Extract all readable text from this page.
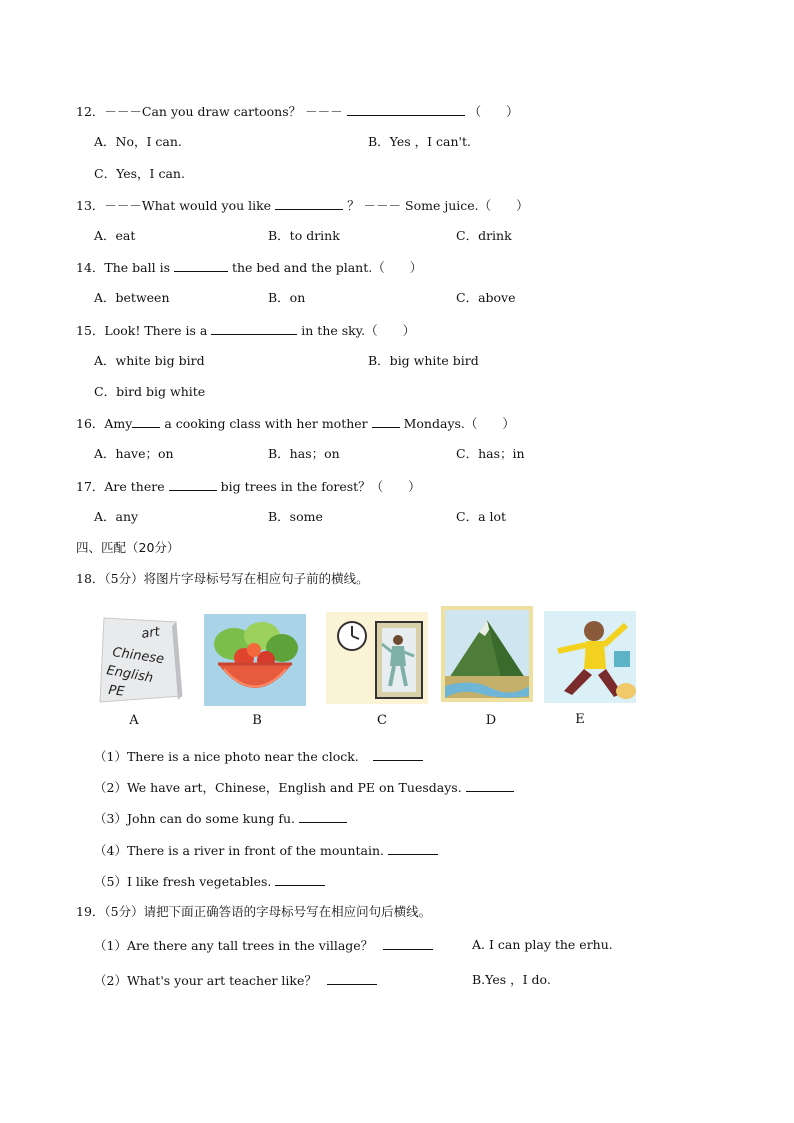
12．－－－Can you draw cartoons？ －－－	（　　）
A．No，I can.	B．Yes ，I can't.
C．Yes，I can.
13．－－－What would you like	？ －－－ Some juice.（　　）
A．eat	B．to drink	C．drink
14．The ball is	the bed and the plant.（　　）
A．between	B．on	C．above
15．Look! There is a	in the sky.（　　）
A．white big bird	B．big white bird
C．bird big white
16．Amy	a cooking class with her mother	Mondays.（　　）
A．have；on	B．has；on	C．has；in
17．Are there	big trees in the forest？（　　）
A．any	B．some	C．a lot
四、匹配（20分）
18．（5分）将图片字母标号写在相应句子前的横线。
art
Chinese
English
PE
A	B	C	D	E
（1）There is a nice photo near the clock.
（2）We have art，Chinese，English and PE on Tuesdays.
（3）John can do some kung fu.
（4）There is a river in front of the mountain.
（5）I like fresh vegetables.
19．（5分）请把下面正确答语的字母标号写在相应问句后横线。
（1）Are there any tall trees in the village？	A. I can play the erhu.
（2）What's your art teacher like？	B.Yes ，I do.
